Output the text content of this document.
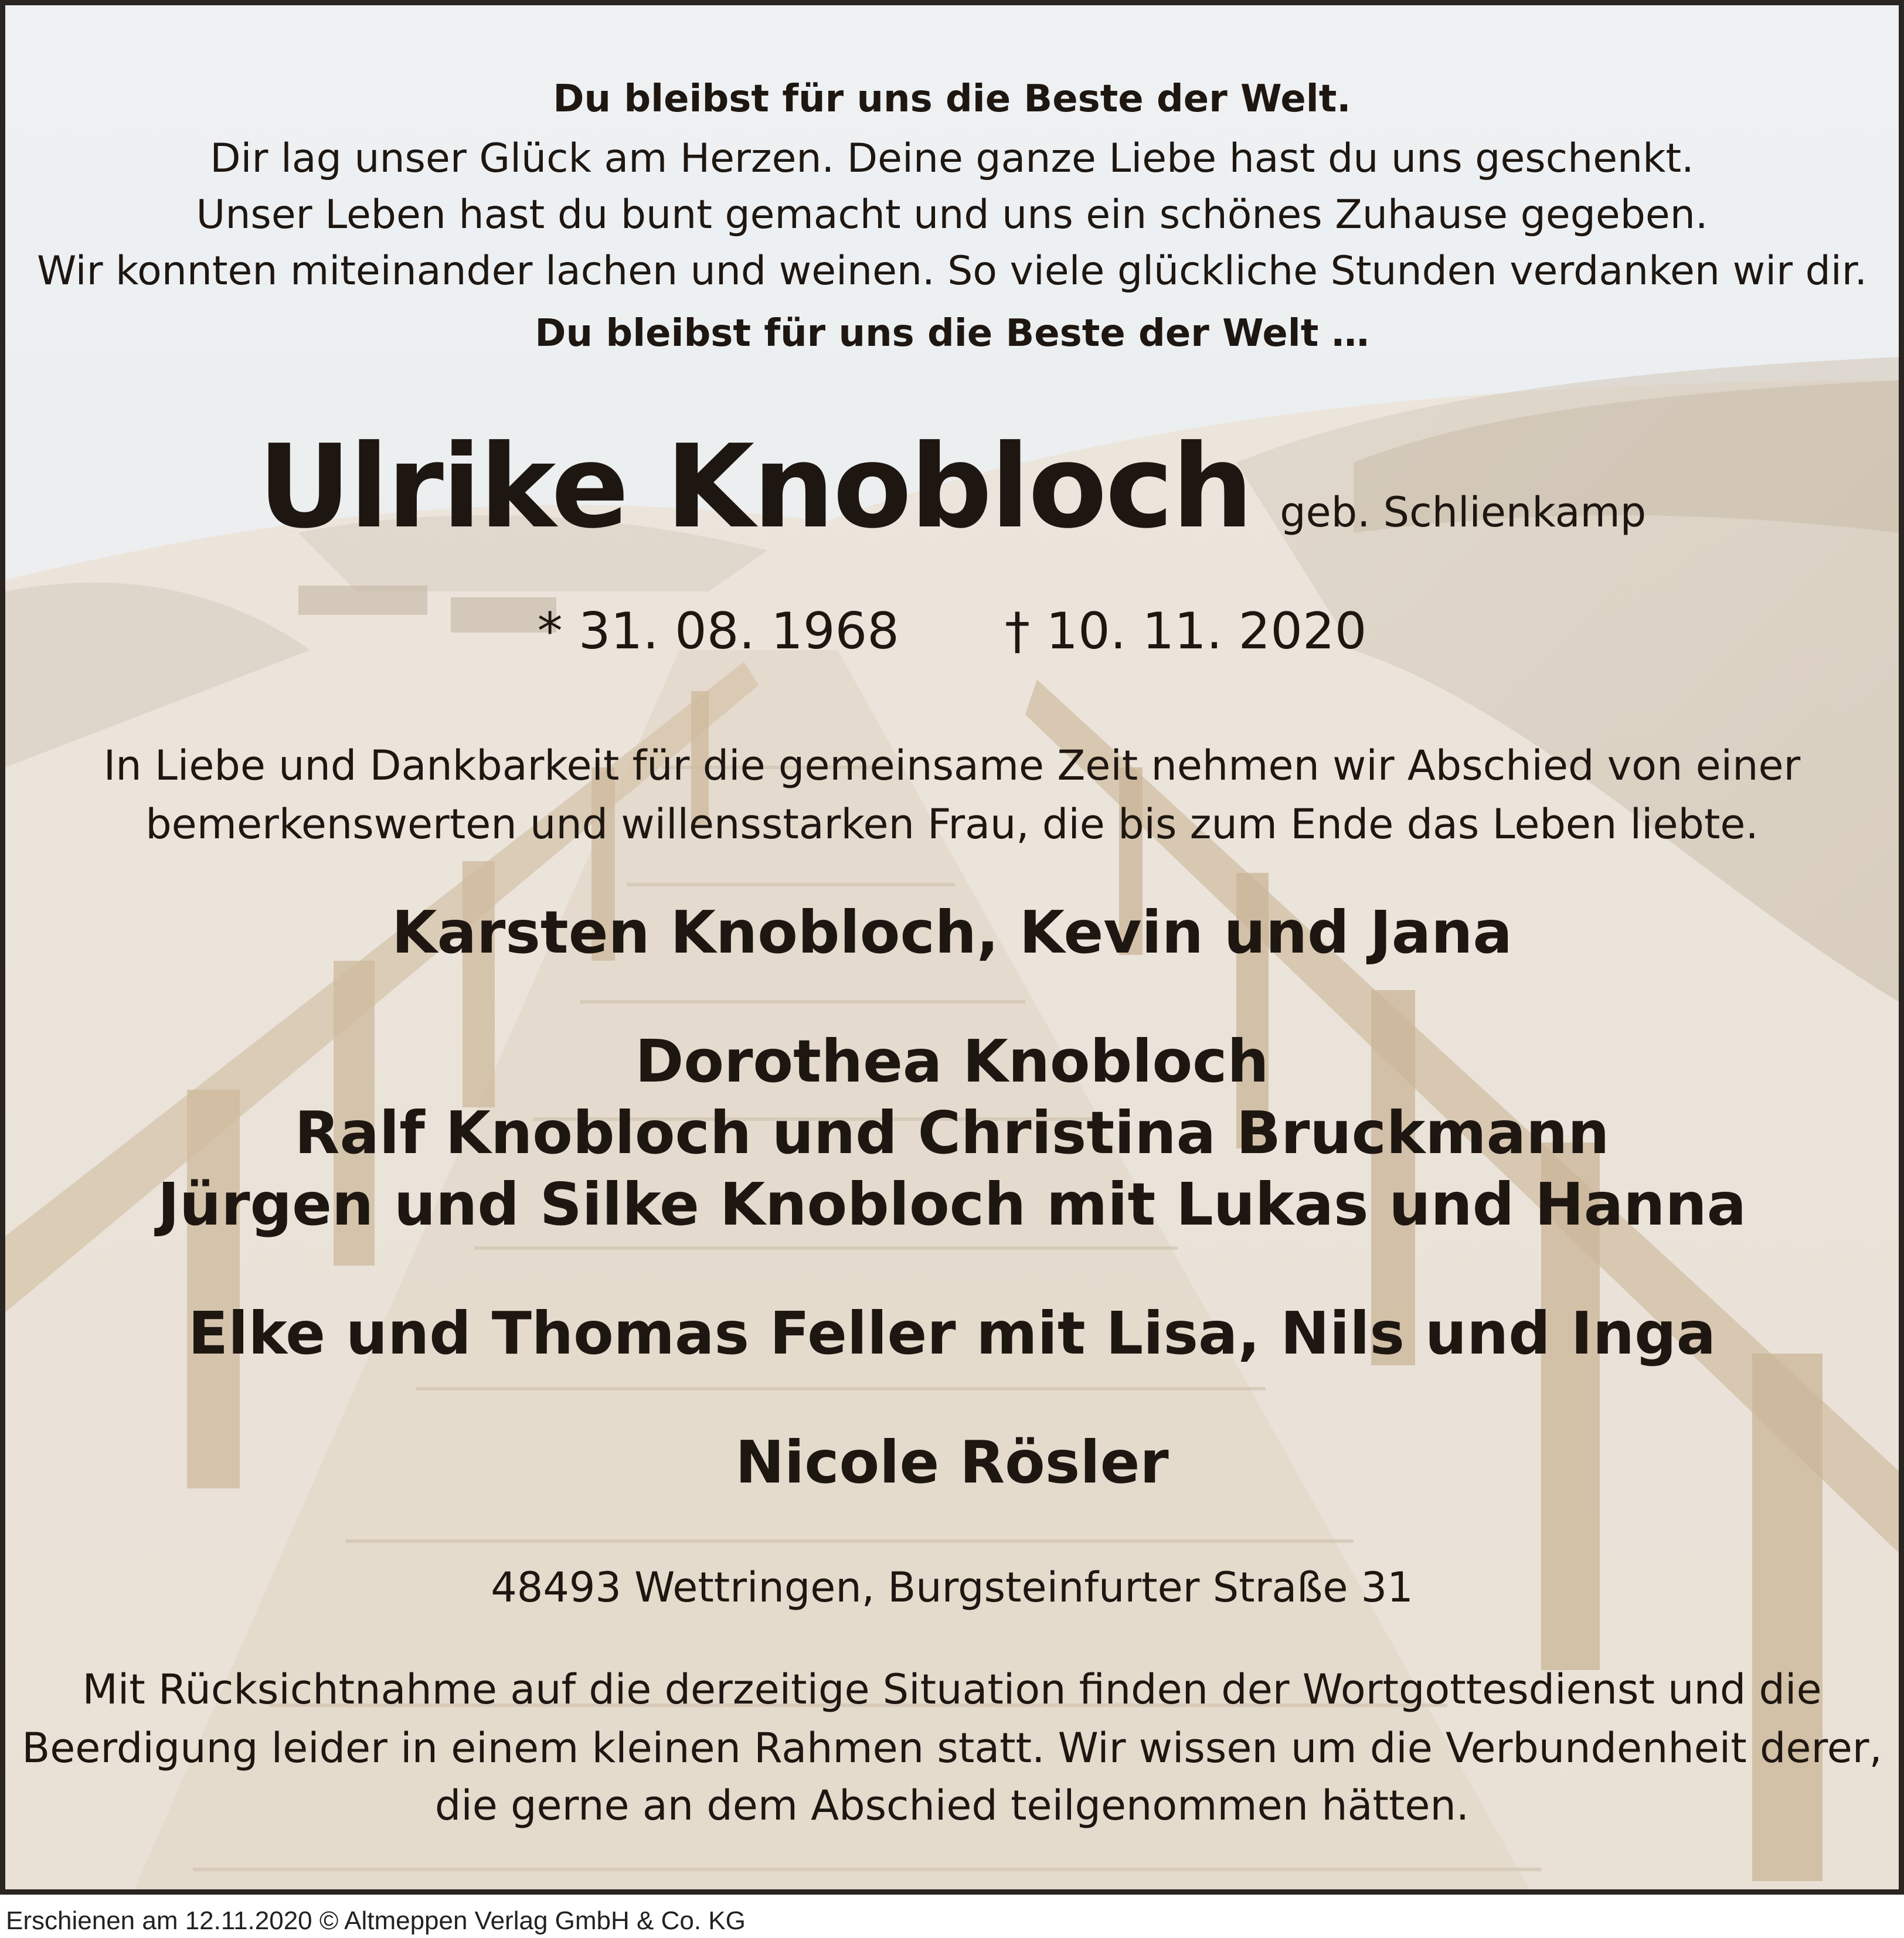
Du bleibst für uns die Beste der Welt.
Dir lag unser Glück am Herzen. Deine ganze Liebe hast du uns geschenkt.
Unser Leben hast du bunt gemacht und uns ein schönes Zuhause gegeben.
Wir konnten miteinander lachen und weinen. So viele glückliche Stunden verdanken wir dir.
Du bleibst für uns die Beste der Welt …
Ulrike Knobloch geb. Schlienkamp
* 31. 08. 1968 † 10. 11. 2020
In Liebe und Dankbarkeit für die gemeinsame Zeit nehmen wir Abschied von einer
bemerkenswerten und willensstarken Frau, die bis zum Ende das Leben liebte.
Karsten Knobloch, Kevin und Jana
Dorothea Knobloch
Ralf Knobloch und Christina Bruckmann
Jürgen und Silke Knobloch mit Lukas und Hanna
Elke und Thomas Feller mit Lisa, Nils und Inga
Nicole Rösler
48493 Wettringen, Burgsteinfurter Straße 31
Mit Rücksichtnahme auf die derzeitige Situation finden der Wortgottesdienst und die
Beerdigung leider in einem kleinen Rahmen statt. Wir wissen um die Verbundenheit derer,
die gerne an dem Abschied teilgenommen hätten.
Erschienen am 12.11.2020 © Altmeppen Verlag GmbH & Co. KG
